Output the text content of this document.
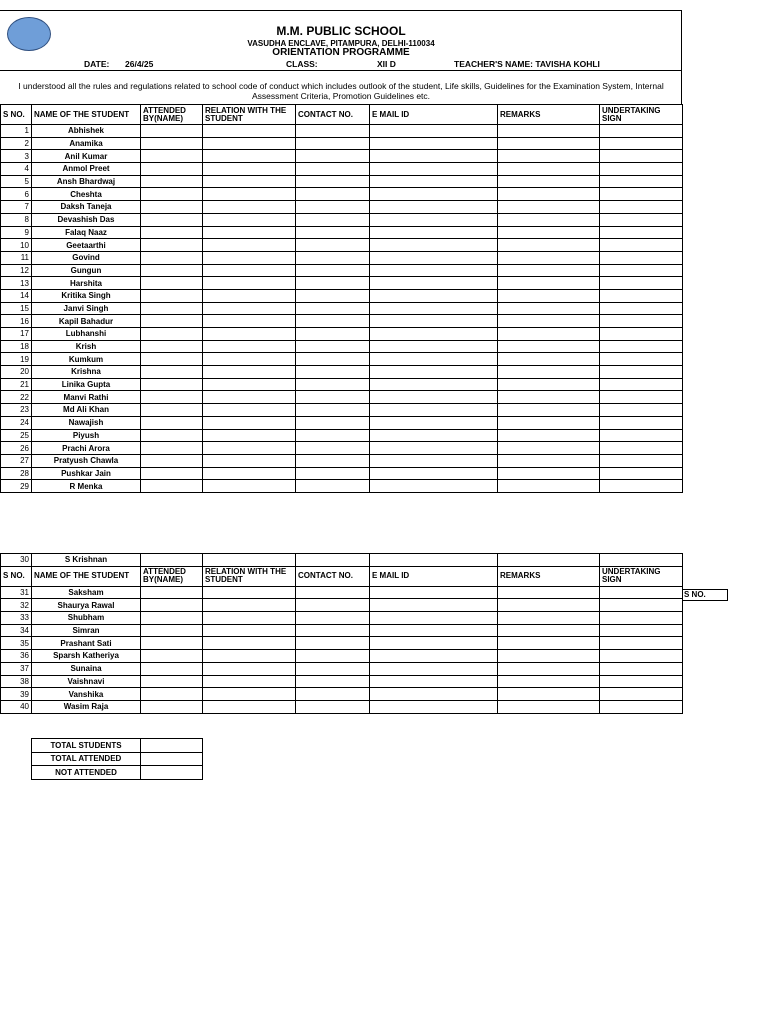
M.M. PUBLIC SCHOOL
VASUDHA ENCLAVE, PITAMPURA, DELHI-110034
ORIENTATION PROGRAMME
DATE: 26/4/25	CLASS:	XII D	TEACHER'S NAME: TAVISHA KOHLI
I understood all the rules and regulations related to school code of conduct which includes outlook of the student, Life skills, Guidelines for the Examination System, Internal Assessment Criteria, Promotion Guidelines etc.
S NO.	NAME OF THE STUDENT	ATTENDED BY(NAME)	RELATION WITH THE STUDENT	CONTACT NO.	E MAIL ID	REMARKS	UNDERTAKING SIGN
1	Abhishek						
2	Anamika						
3	Anil Kumar						
4	Anmol Preet						
5	Ansh Bhardwaj						
6	Cheshta						
7	Daksh Taneja						
8	Devashish Das						
9	Falaq Naaz						
10	Geetaarthi						
11	Govind						
12	Gungun						
13	Harshita						
14	Kritika Singh						
15	Janvi Singh						
16	Kapil Bahadur						
17	Lubhanshi						
18	Krish						
19	Kumkum						
20	Krishna						
21	Linika Gupta						
22	Manvi Rathi						
23	Md Ali Khan						
24	Nawajish						
25	Piyush						
26	Prachi Arora						
27	Pratyush Chawla						
28	Pushkar Jain						
29	R Menka						
30	S Krishnan						
S NO.	NAME OF THE STUDENT	ATTENDED BY(NAME)	RELATION WITH THE STUDENT	CONTACT NO.	E MAIL ID	REMARKS	UNDERTAKING SIGN
31	Saksham						
32	Shaurya Rawal						
33	Shubham						
34	Simran						
35	Prashant Sati						
36	Sparsh Katheriya						
37	Sunaina						
38	Vaishnavi						
39	Vanshika						
40	Wasim Raja						
S NO.
TOTAL STUDENTS	
TOTAL ATTENDED	
NOT ATTENDED	
